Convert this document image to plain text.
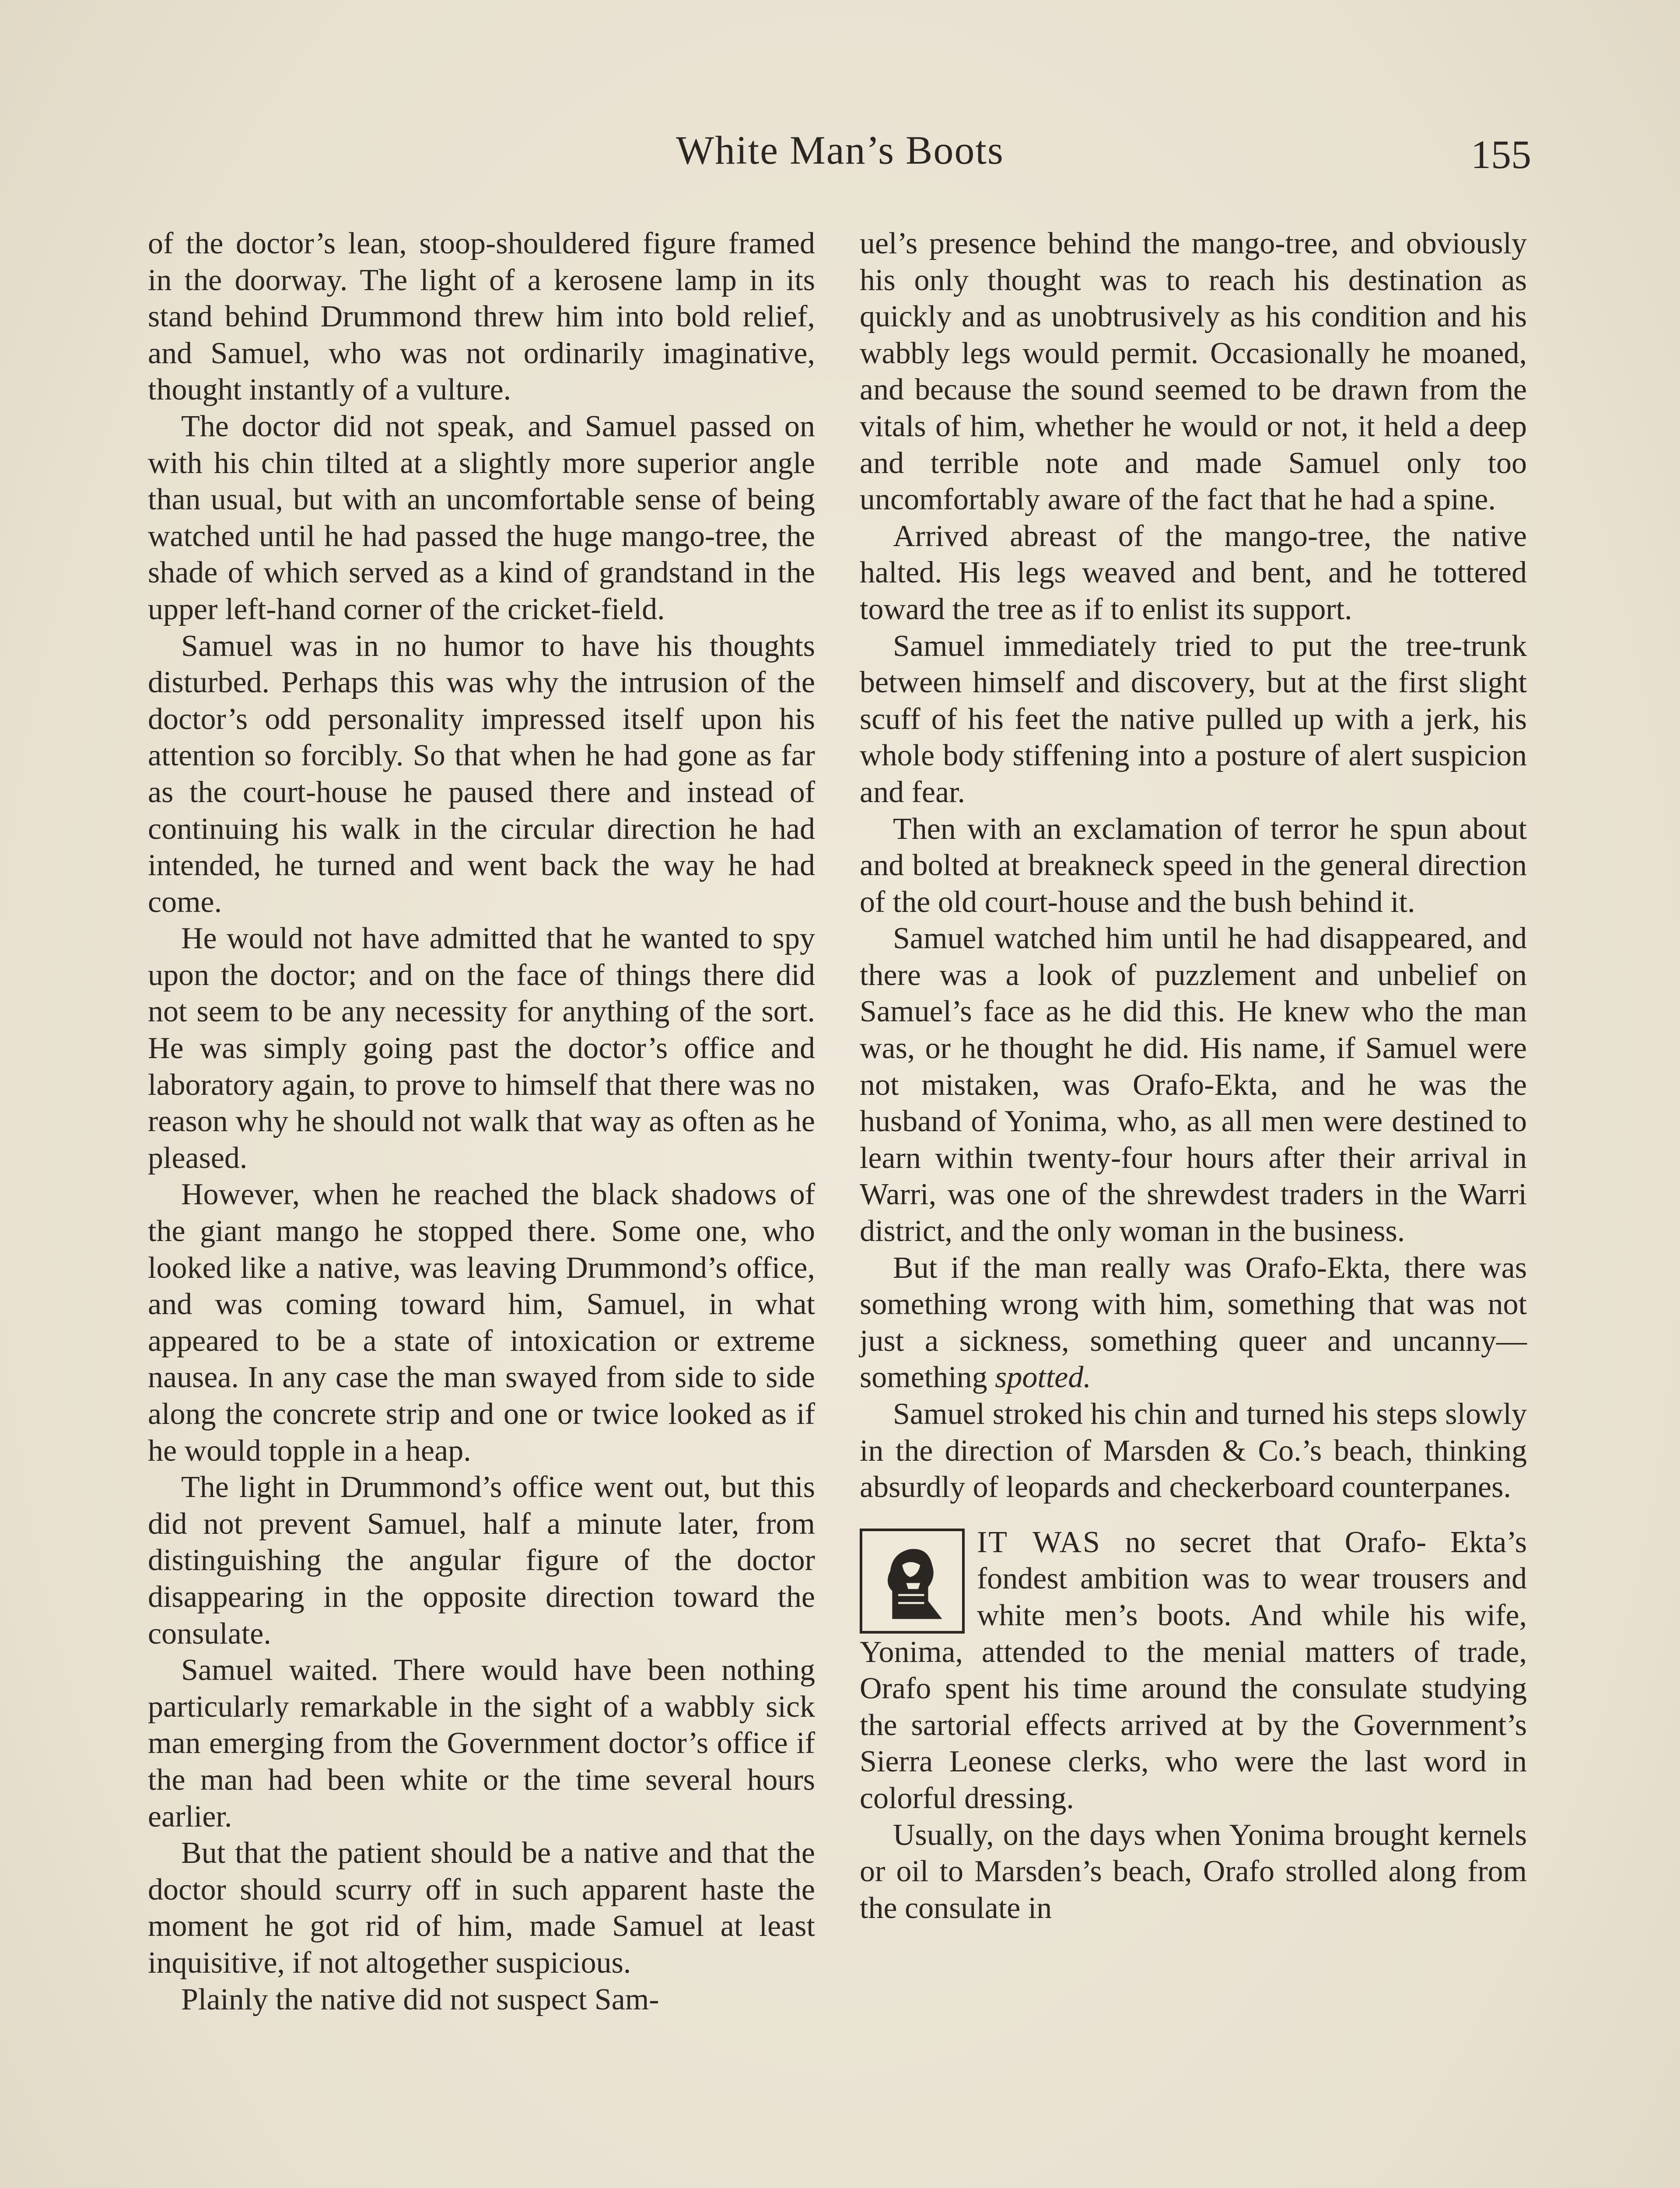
White Man’s Boots	155

of the doctor’s lean, stoop-shouldered figure framed in the doorway. The light of a kerosene lamp in its stand behind Drummond threw him into bold relief, and Samuel, who was not ordinarily imaginative, thought instantly of a vulture.

The doctor did not speak, and Samuel passed on with his chin tilted at a slightly more superior angle than usual, but with an uncomfortable sense of being watched until he had passed the huge mango-tree, the shade of which served as a kind of grandstand in the upper left-hand corner of the cricket-field.

Samuel was in no humor to have his thoughts disturbed. Perhaps this was why the intrusion of the doctor’s odd personality impressed itself upon his attention so forcibly. So that when he had gone as far as the court-house he paused there and instead of continuing his walk in the circular direction he had intended, he turned and went back the way he had come.

He would not have admitted that he wanted to spy upon the doctor; and on the face of things there did not seem to be any necessity for anything of the sort. He was simply going past the doctor’s office and laboratory again, to prove to himself that there was no reason why he should not walk that way as often as he pleased.

However, when he reached the black shadows of the giant mango he stopped there. Some one, who looked like a native, was leaving Drummond’s office, and was coming toward him, Samuel, in what appeared to be a state of intoxication or extreme nausea. In any case the man swayed from side to side along the concrete strip and one or twice looked as if he would topple in a heap.

The light in Drummond’s office went out, but this did not prevent Samuel, half a minute later, from distinguishing the angular figure of the doctor disappearing in the opposite direction toward the consulate.

Samuel waited. There would have been nothing particularly remarkable in the sight of a wabbly sick man emerging from the Government doctor’s office if the man had been white or the time several hours earlier.

But that the patient should be a native and that the doctor should scurry off in such apparent haste the moment he got rid of him, made Samuel at least inquisitive, if not altogether suspicious.

Plainly the native did not suspect Sam-

uel’s presence behind the mango-tree, and obviously his only thought was to reach his destination as quickly and as unobtrusively as his condition and his wabbly legs would permit. Occasionally he moaned, and because the sound seemed to be drawn from the vitals of him, whether he would or not, it held a deep and terrible note and made Samuel only too uncomfortably aware of the fact that he had a spine.

Arrived abreast of the mango-tree, the native halted. His legs weaved and bent, and he tottered toward the tree as if to enlist its support.

Samuel immediately tried to put the tree-trunk between himself and discovery, but at the first slight scuff of his feet the native pulled up with a jerk, his whole body stiffening into a posture of alert suspicion and fear.

Then with an exclamation of terror he spun about and bolted at breakneck speed in the general direction of the old court-house and the bush behind it.

Samuel watched him until he had disappeared, and there was a look of puzzlement and unbelief on Samuel’s face as he did this. He knew who the man was, or he thought he did. His name, if Samuel were not mistaken, was Orafo-Ekta, and he was the husband of Yonima, who, as all men were destined to learn within twenty-four hours after their arrival in Warri, was one of the shrewdest traders in the Warri district, and the only woman in the business.

But if the man really was Orafo-Ekta, there was something wrong with him, something that was not just a sickness, something queer and uncanny—something spotted.

Samuel stroked his chin and turned his steps slowly in the direction of Marsden & Co.’s beach, thinking absurdly of leopards and checkerboard counterpanes.

IT WAS no secret that Orafo- Ekta’s fondest ambition was to wear trousers and white men’s boots. And while his wife, Yonima, attended to the menial matters of trade, Orafo spent his time around the consulate studying the sartorial effects arrived at by the Government’s Sierra Leonese clerks, who were the last word in colorful dressing.

Usually, on the days when Yonima brought kernels or oil to Marsden’s beach, Orafo strolled along from the consulate in
